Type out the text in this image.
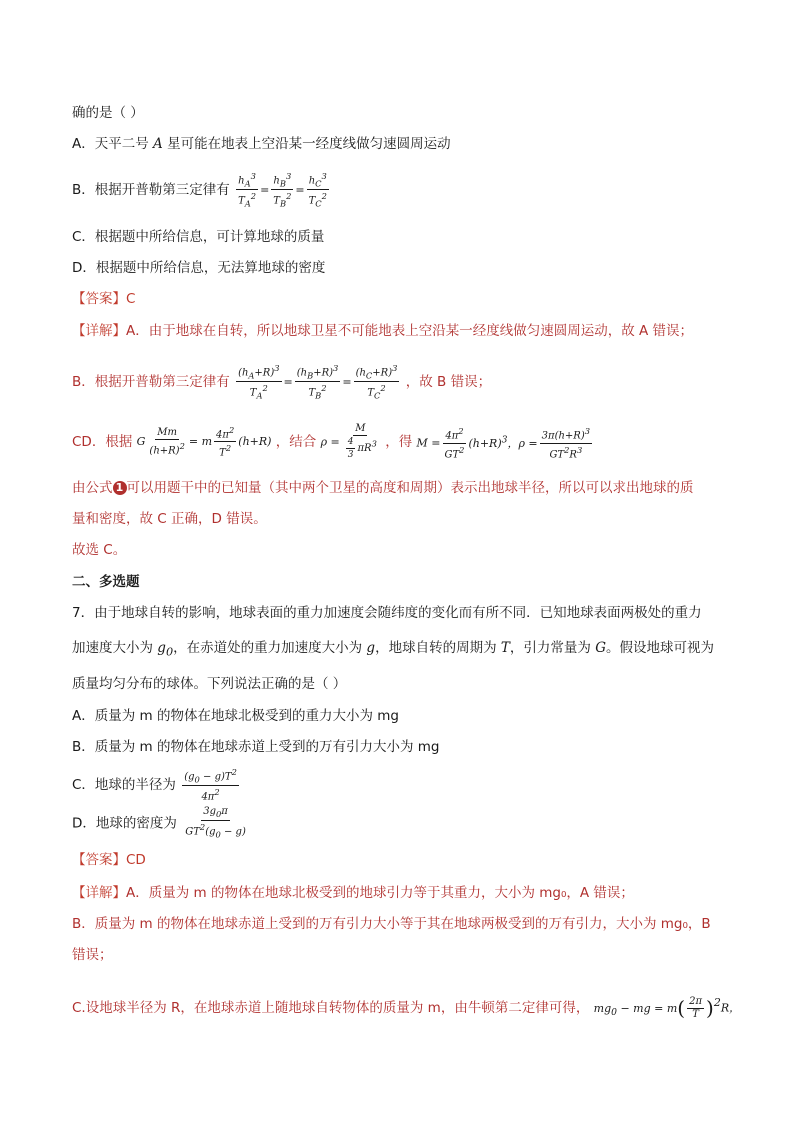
确的是（ ）
A．天平二号 A 星可能在地表上空沿某一经度线做匀速圆周运动
B．根据开普勒第三定律有 $\frac{h_A^3}{T_A^2} = \frac{h_B^3}{T_B^2} = \frac{h_C^3}{T_C^2}$
C．根据题中所给信息，可计算地球的质量
D．根据题中所给信息，无法算地球的密度
【答案】C
【详解】A．由于地球在自转，所以地球卫星不可能地表上空沿某一经度线做匀速圆周运动，故 A 错误；
B．根据开普勒第三定律有 $\frac{(h_A+R)^3}{T_A^2} = \frac{(h_B+R)^3}{T_B^2} = \frac{(h_C+R)^3}{T_C^2}$ ，故 B 错误；
CD．根据 G $\frac{Mm}{(h+R)^2} = m \frac{4\pi^2}{T^2} (h+R)$ ，结合 $\rho = \frac{M}{\frac{4}{3} \pi R^3}$ ，得 $M = \frac{4\pi^2}{GT^2} (h+R)^3$，$\rho = \frac{3\pi(h+R)^3}{GT^2R^3}$
由公式 1 可以用题干中的已知量（其中两个卫星的高度和周期）表示出地球半径，所以可以求出地球的质
量和密度，故 C 正确，D 错误。
故选 C。
二、多选题
7．由于地球自转的影响，地球表面的重力加速度会随纬度的变化而有所不同．已知地球表面两极处的重力
加速度大小为 $g_0$，在赤道处的重力加速度大小为 g，地球自转的周期为 T，引力常量为 G。假设地球可视为
质量均匀分布的球体。下列说法正确的是（ ）
A．质量为 m 的物体在地球北极受到的重力大小为 mg
B．质量为 m 的物体在地球赤道上受到的万有引力大小为 mg
C．地球的半径为 $\frac{(g_0 - g)T^2}{4\pi^2}$
D．地球的密度为 $\frac{3g_0\pi}{GT^2(g_0 - g)}$
【答案】CD
【详解】A．质量为 m 的物体在地球北极受到的地球引力等于其重力，大小为 mg₀，A 错误；
B．质量为 m 的物体在地球赤道上受到的万有引力大小等于其在地球两极受到的万有引力，大小为 mg₀，B
错误；
C.设地球半径为 R，在地球赤道上随地球自转物体的质量为 m，由牛顿第二定律可得， $mg_0$ − mg = $m( \frac{2\pi}{T} )^2R$，
